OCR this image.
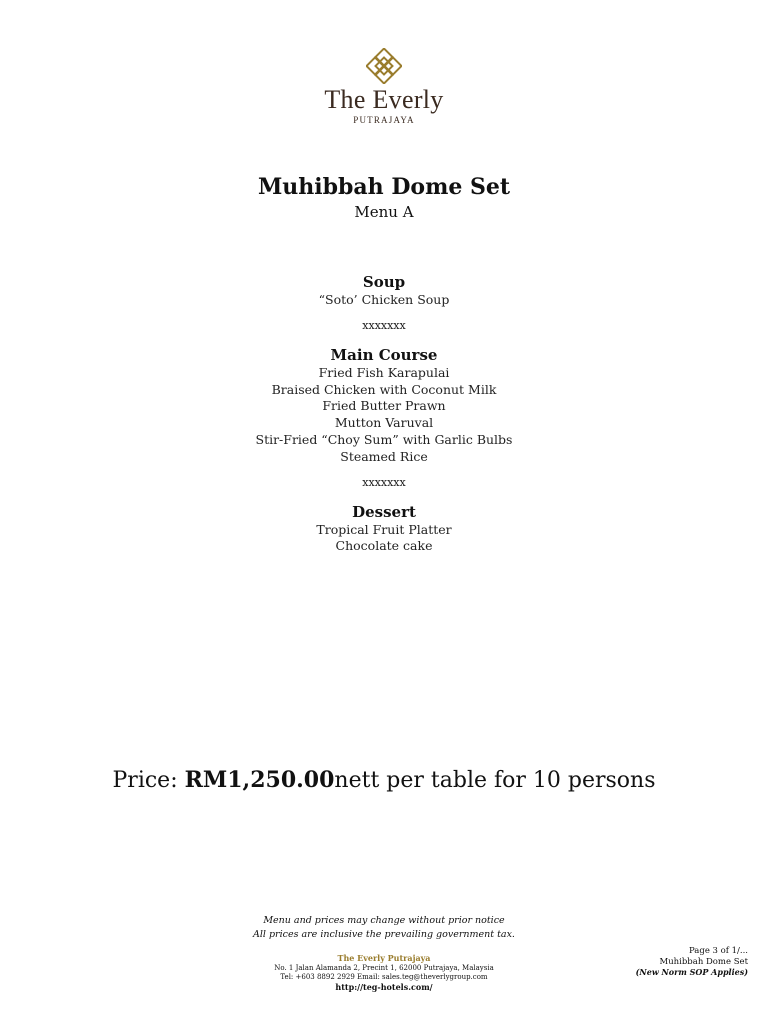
The Everly
PUTRAJAYA
Muhibbah Dome Set
Menu A
Soup
“Soto’ Chicken Soup
xxxxxxx
Main Course
Fried Fish Karapulai
Braised Chicken with Coconut Milk
Fried Butter Prawn
Mutton Varuval
Stir-Fried “Choy Sum” with Garlic Bulbs
Steamed Rice
xxxxxxx
Dessert
Tropical Fruit Platter
Chocolate cake
Price: RM1,250.00nett per table for 10 persons
Menu and prices may change without prior notice
All prices are inclusive the prevailing government tax.
The Everly Putrajaya
No. 1 Jalan Alamanda 2, Precint 1, 62000 Putrajaya, Malaysia
Tel: +603 8892 2929 Email: sales.teg@theverlygroup.com
http://teg-hotels.com/
Page 3 of 1/...
Muhibbah Dome Set
(New Norm SOP Applies)
